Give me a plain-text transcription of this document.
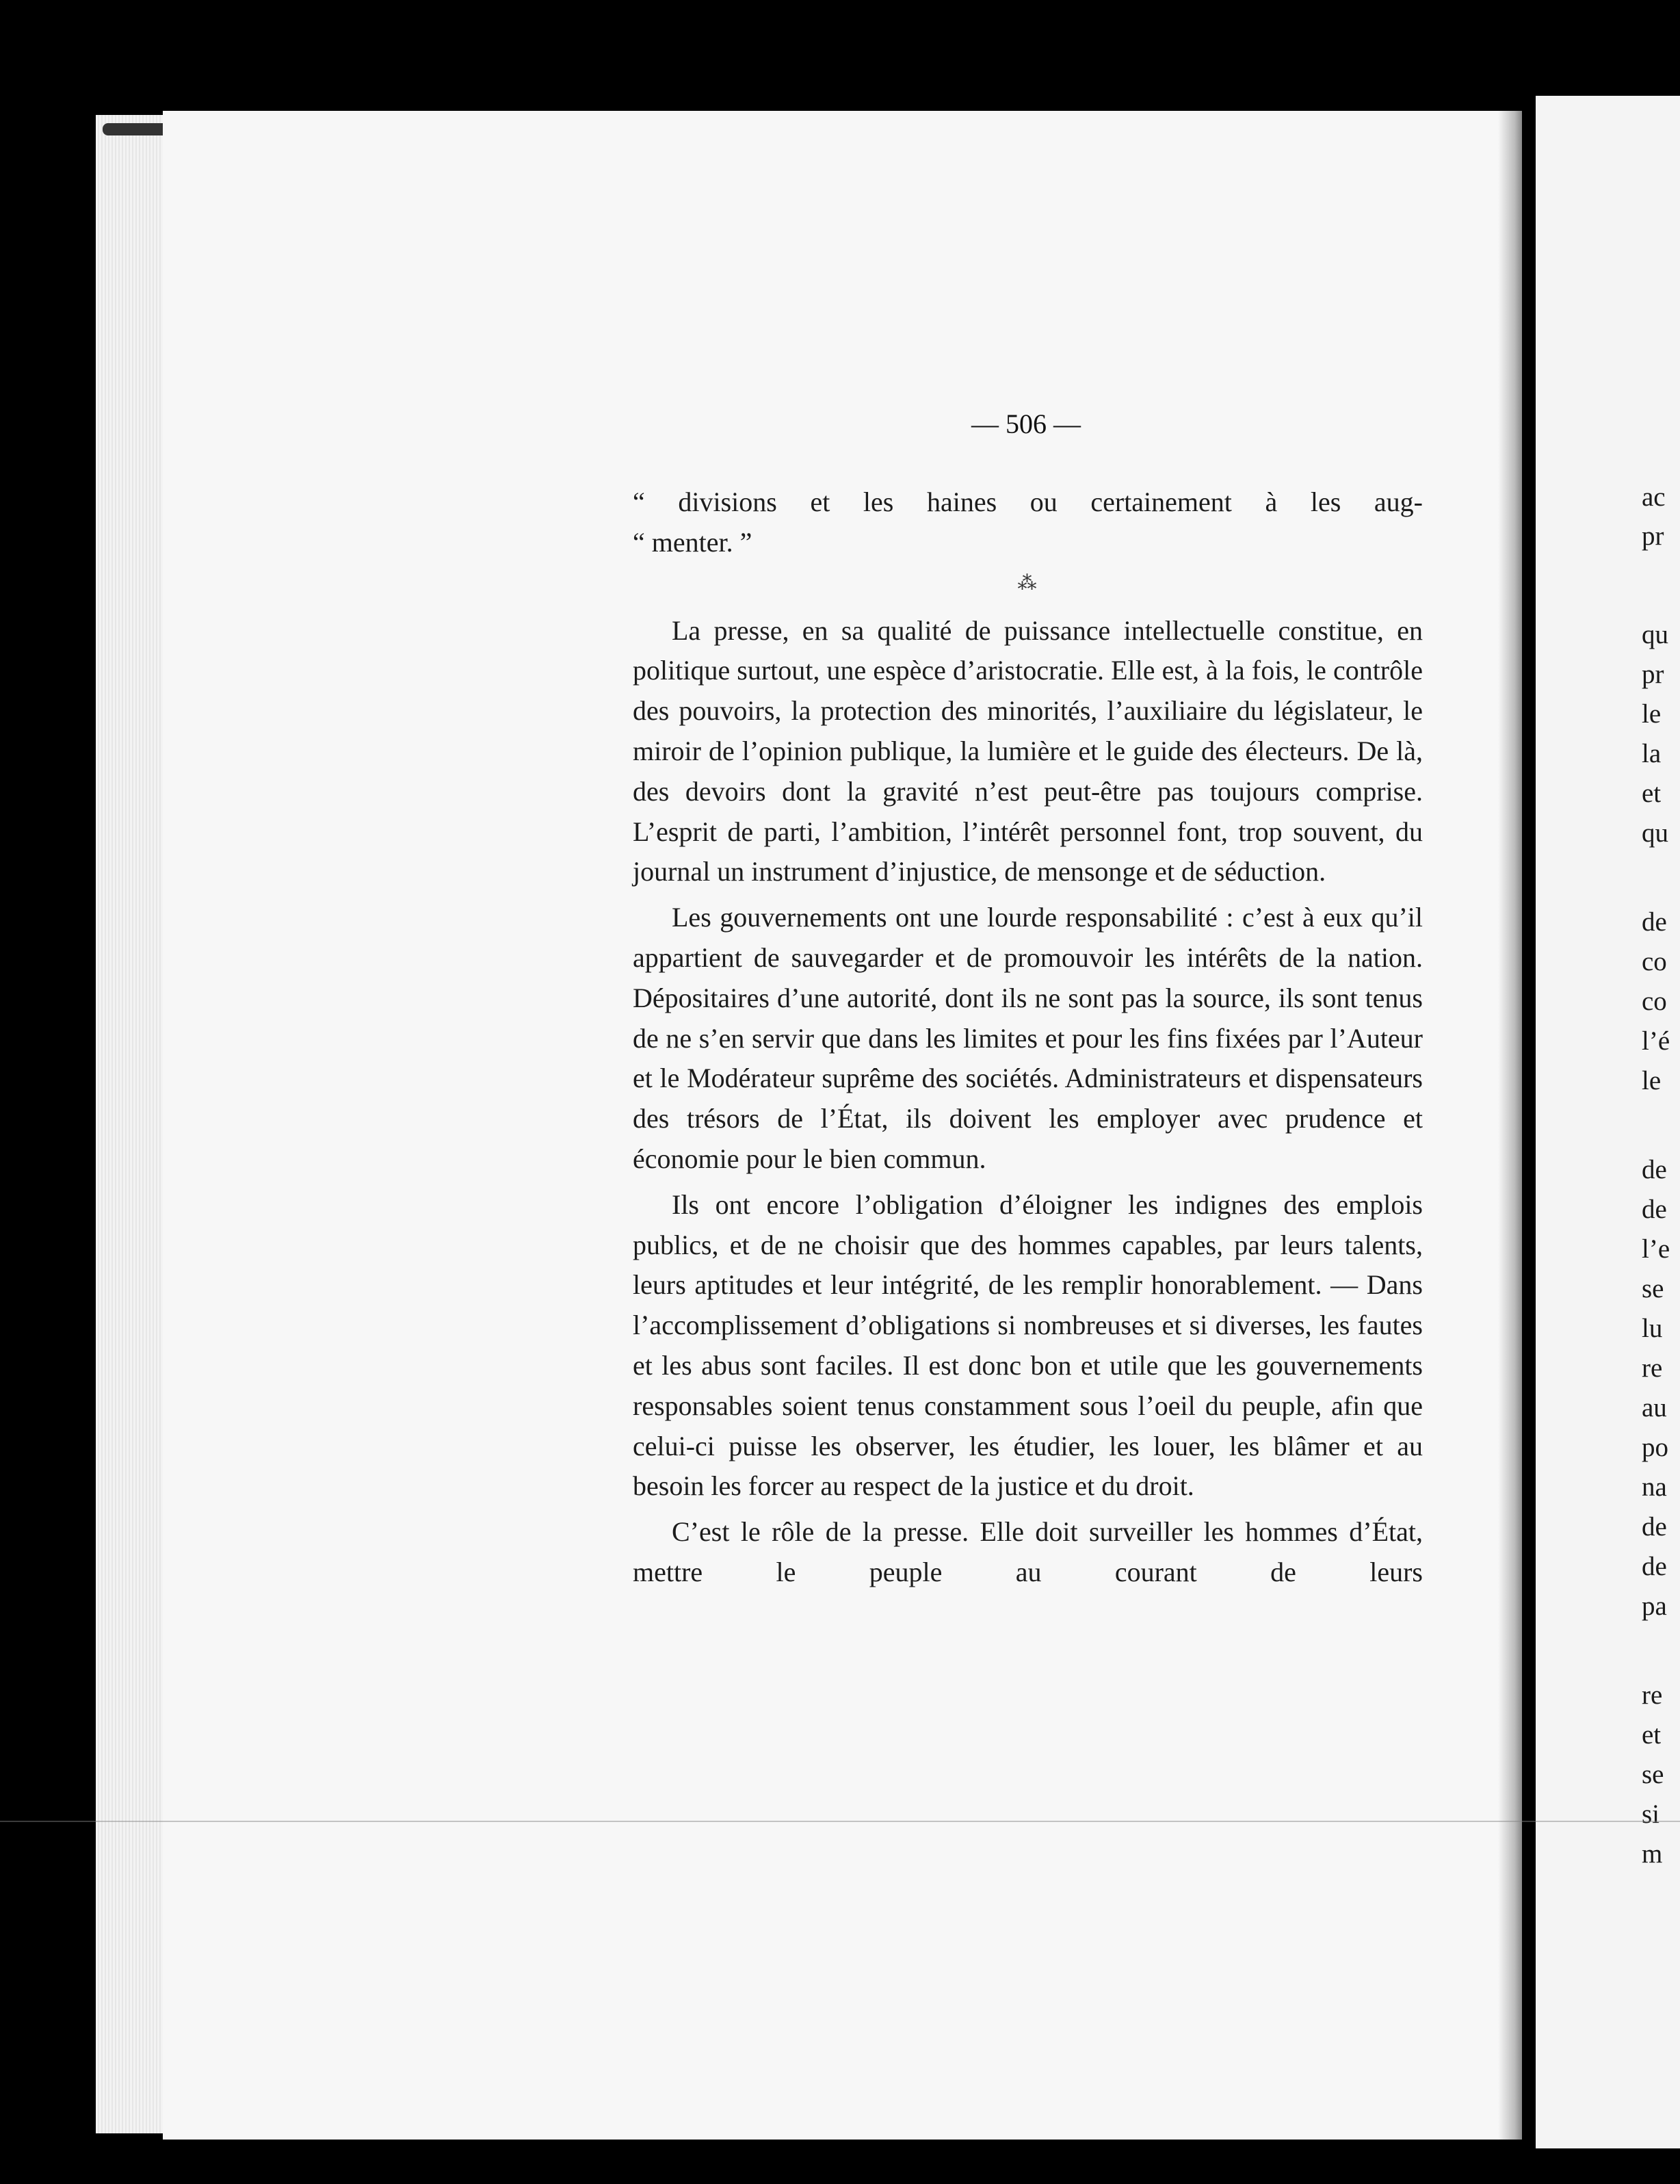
ac
pr
qu
pr
le
la
et
qu
de
co
co
l’é
le
de
de
l’e
se
lu
re
au
po
na
de
de
pa
re
et
se
si
m
— 506 —
“ divisions et les haines ou certainement à les aug-
“ menter. ”
⁂

La presse, en sa qualité de puissance intellectuelle constitue, en politique surtout, une espèce d’aristocratie. Elle est, à la fois, le contrôle des pouvoirs, la protection des minorités, l’auxiliaire du législateur, le miroir de l’opinion publique, la lumière et le guide des électeurs. De là, des devoirs dont la gravité n’est peut-être pas toujours comprise. L’esprit de parti, l’ambition, l’intérêt personnel font, trop souvent, du journal un instrument d’injustice, de mensonge et de séduction.

Les gouvernements ont une lourde responsabilité : c’est à eux qu’il appartient de sauvegarder et de promouvoir les intérêts de la nation. Dépositaires d’une autorité, dont ils ne sont pas la source, ils sont tenus de ne s’en servir que dans les limites et pour les fins fixées par l’Auteur et le Modérateur suprême des sociétés. Administrateurs et dispensateurs des trésors de l’État, ils doivent les employer avec prudence et économie pour le bien commun.

Ils ont encore l’obligation d’éloigner les indignes des emplois publics, et de ne choisir que des hommes capables, par leurs talents, leurs aptitudes et leur intégrité, de les remplir honorablement. — Dans l’accomplissement d’obligations si nombreuses et si diverses, les fautes et les abus sont faciles. Il est donc bon et utile que les gouvernements responsables soient tenus constamment sous l’oeil du peuple, afin que celui-ci puisse les observer, les étudier, les louer, les blâmer et au besoin les forcer au respect de la justice et du droit.

C’est le rôle de la presse. Elle doit surveiller les hommes d’État, mettre le peuple au courant de leurs
